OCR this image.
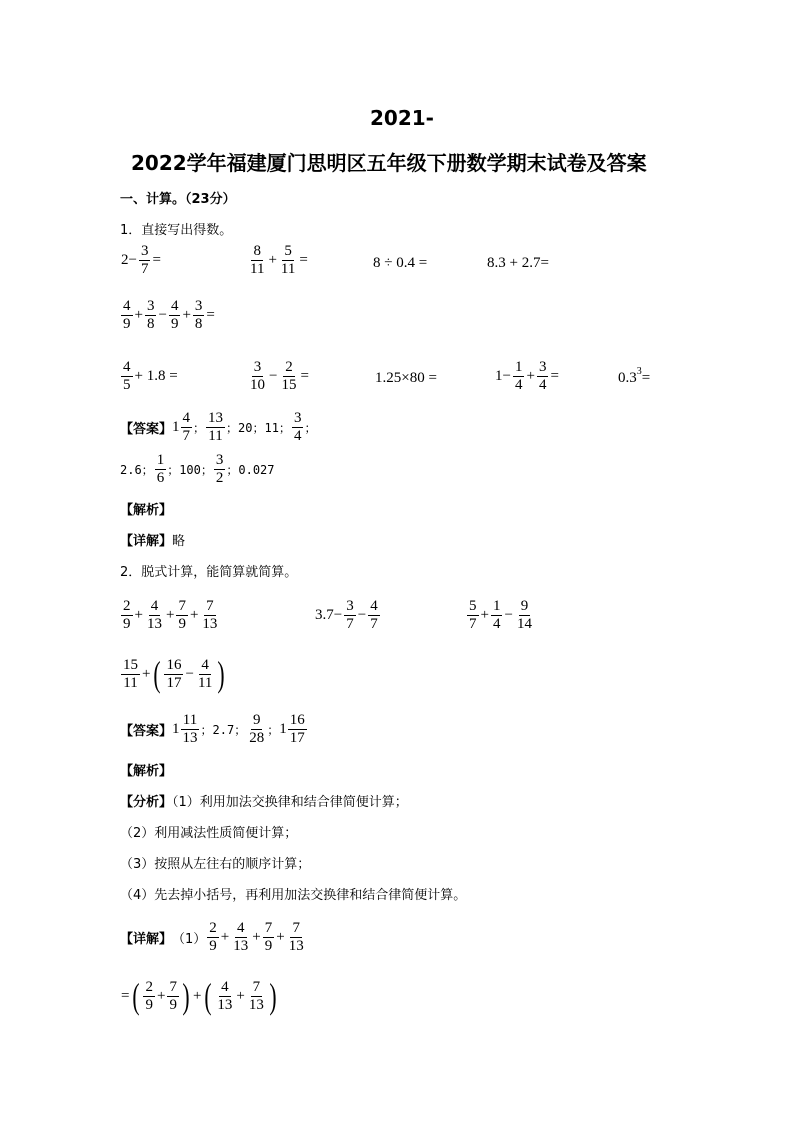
2021-
2022学年福建厦门思明区五年级下册数学期末试卷及答案
一、计算。（23分）
1．直接写出得数。
$2- \frac{3}{7}$ =	$\frac{8}{11} + \frac{5}{11}$ =	8 ÷ 0.4 =	8.3 + 2.7=
$\frac{4}{9} + \frac{3}{8} - \frac{4}{9} + \frac{3}{8}$ =
$\frac{4}{5} + 1.8$ =	$\frac{3}{10} - \frac{2}{15}$ =	1.25×80 =	$1- \frac{1}{4} + \frac{3}{4}$ =	0.3 3 =
【答案】 $1 \frac{4}{7}$ ； $\frac{13}{11}$ ；20；11； $\frac{3}{4}$ ；
2.6； $\frac{1}{6}$ ；100； $\frac{3}{2}$ ；0.027
【解析】
【详解】略
2．脱式计算，能简算就简算。
$\frac{2}{9} + \frac{4}{13} + \frac{7}{9} + \frac{7}{13}$	$3.7- \frac{3}{7} - \frac{4}{7}$	$\frac{5}{7} + \frac{1}{4} - \frac{9}{14}$
$\frac{15}{11}$ + ( $\frac{16}{17} - \frac{4}{11}$ )
【答案】 $1 \frac{11}{13}$ ；2.7； $\frac{9}{28}$ ； $1 \frac{16}{17}$
【解析】
【分析】（1）利用加法交换律和结合律简便计算；
（2）利用减法性质简便计算；
（3）按照从左往右的顺序计算；
（4）先去掉小括号，再利用加法交换律和结合律简便计算。
【详解】 $(1) \frac{2}{9} + \frac{4}{13} + \frac{7}{9} + \frac{7}{13}$
= ( $\frac{2}{9} + \frac{7}{9}$ ) + ( $\frac{4}{13} + \frac{7}{13}$ )
